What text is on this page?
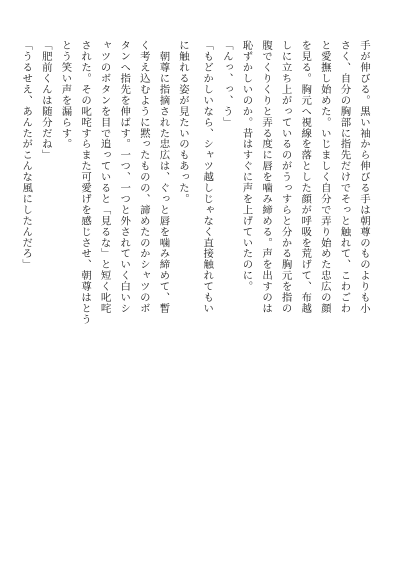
手が伸びる。黒い袖から伸びる手は朝尊のものよりも小
さく、自分の胸部に指先だけでそっと触れて、こわごわ
と愛撫し始めた。いじましく自分で弄り始めた忠広の顔
を見る。胸元へ視線を落とした顔が呼吸を荒げて、布越
しに立ち上がっているのがうっすらと分かる胸元を指の
腹でくりくりと弄る度に唇を噛み締める。声を出すのは
恥ずかしいのか。昔はすぐに声を上げていたのに。
「んっ、っ、う」
「もどかしいなら、シャツ越しじゃなく直接触れてもい
に触れる姿が見たいのもあった。
　朝尊に指摘された忠広は、ぐっと唇を噛み締めて、暫
く考え込むように黙ったものの、諦めたのかシャツのボ
タンへ指先を伸ばす。一つ、一つと外されていく白いシ
ャツのボタンを目で追っていると「見るな」と短く叱咤
された。その叱咤すらまた可愛げを感じさせ、朝尊はとう
とう笑い声を漏らす。
「肥前くんは随分だね」
「うるせえ、あんたがこんな風にしたんだろ」
